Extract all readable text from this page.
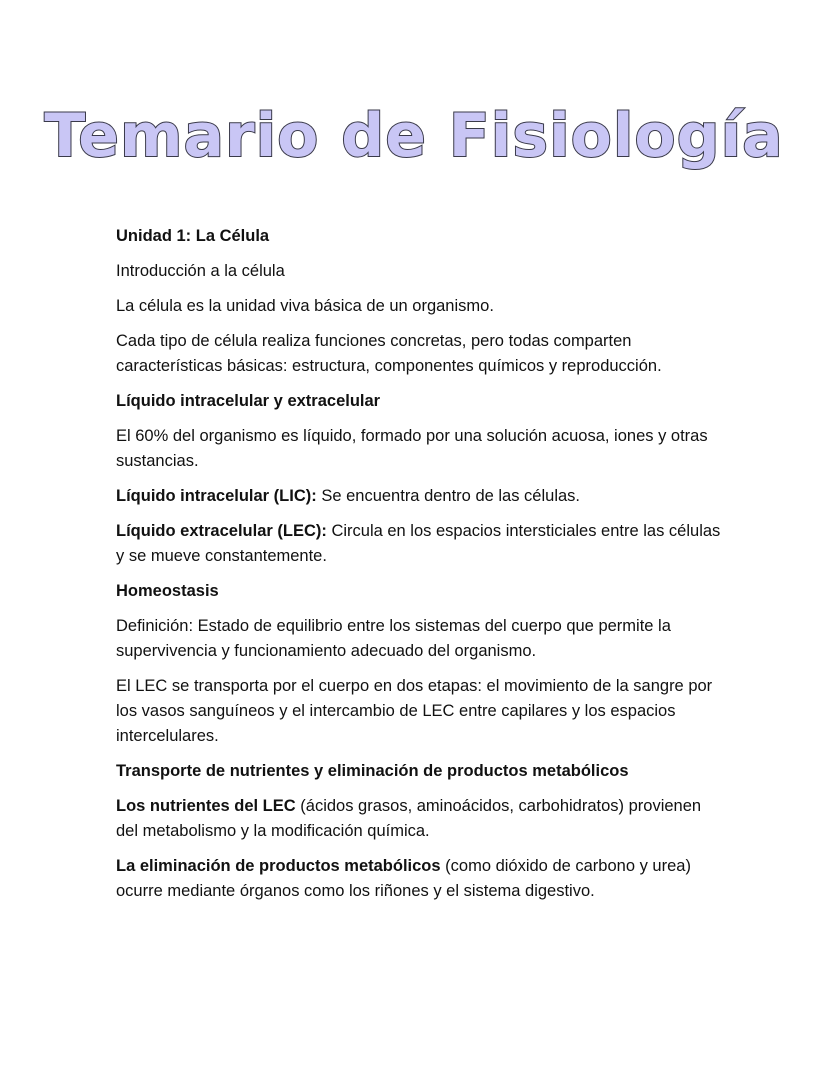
Temario de Fisiología

Unidad 1: La Célula

Introducción a la célula

La célula es la unidad viva básica de un organismo.

Cada tipo de célula realiza funciones concretas, pero todas comparten características básicas: estructura, componentes químicos y reproducción.

Líquido intracelular y extracelular

El 60% del organismo es líquido, formado por una solución acuosa, iones y otras sustancias.

Líquido intracelular (LIC): Se encuentra dentro de las células.

Líquido extracelular (LEC): Circula en los espacios intersticiales entre las células y se mueve constantemente.

Homeostasis

Definición: Estado de equilibrio entre los sistemas del cuerpo que permite la supervivencia y funcionamiento adecuado del organismo.

El LEC se transporta por el cuerpo en dos etapas: el movimiento de la sangre por los vasos sanguíneos y el intercambio de LEC entre capilares y los espacios intercelulares.

Transporte de nutrientes y eliminación de productos metabólicos

Los nutrientes del LEC (ácidos grasos, aminoácidos, carbohidratos) provienen del metabolismo y la modificación química.

La eliminación de productos metabólicos (como dióxido de carbono y urea) ocurre mediante órganos como los riñones y el sistema digestivo.
